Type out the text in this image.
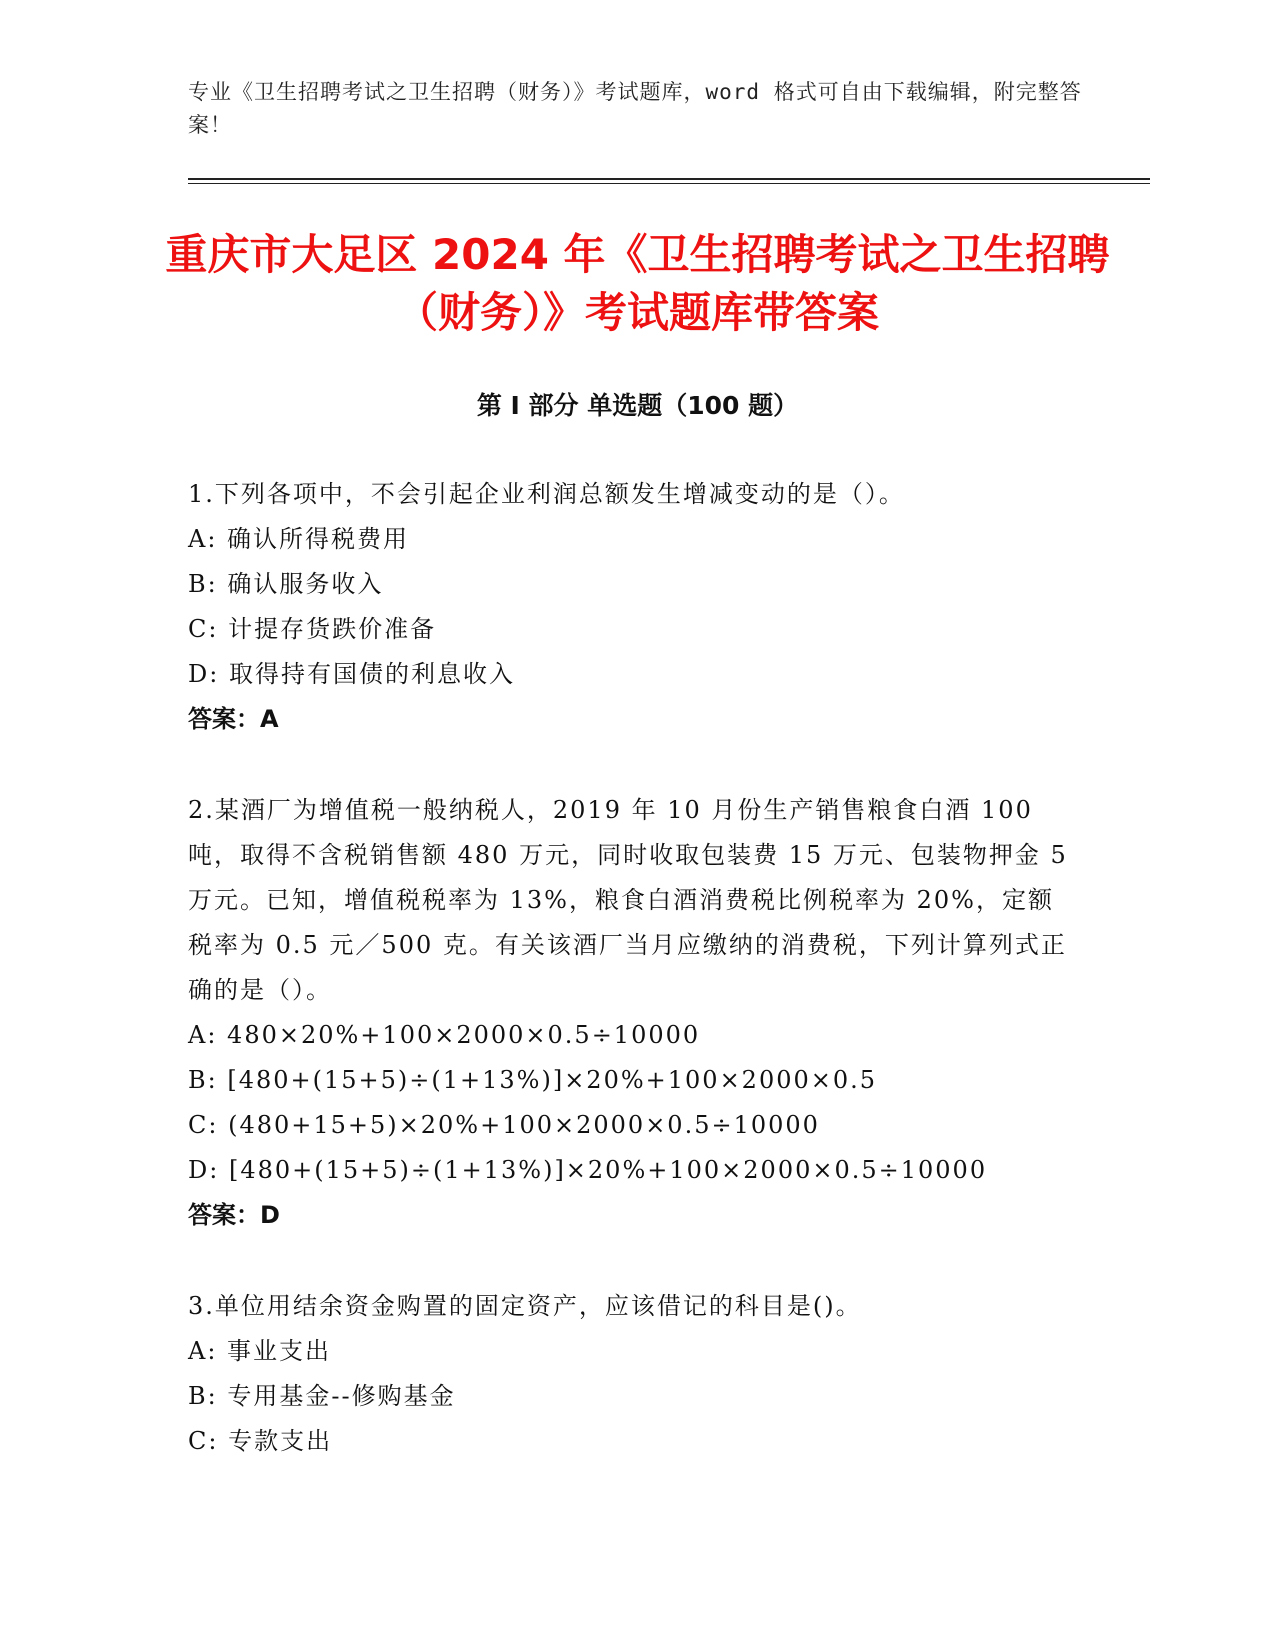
专业《卫生招聘考试之卫生招聘（财务）》考试题库，word 格式可自由下载编辑，附完整答案！
重庆市大足区 2024 年《卫生招聘考试之卫生招聘（财务）》考试题库带答案
第 I 部分 单选题（100 题）
1.下列各项中，不会引起企业利润总额发生增减变动的是（）。
A: 确认所得税费用
B: 确认服务收入
C: 计提存货跌价准备
D: 取得持有国债的利息收入
答案：A
2.某酒厂为增值税一般纳税人，2019 年 10 月份生产销售粮食白酒 100 吨，取得不含税销售额 480 万元，同时收取包装费 15 万元、包装物押金 5 万元。已知，增值税税率为 13%，粮食白酒消费税比例税率为 20%，定额税率为 0.5 元／500 克。有关该酒厂当月应缴纳的消费税，下列计算列式正确的是（）。
A: 480×20%+100×2000×0.5÷10000
B: [480+(15+5)÷(1+13%)]×20%+100×2000×0.5
C: (480+15+5)×20%+100×2000×0.5÷10000
D: [480+(15+5)÷(1+13%)]×20%+100×2000×0.5÷10000
答案：D
3.单位用结余资金购置的固定资产，应该借记的科目是()。
A: 事业支出
B: 专用基金--修购基金
C: 专款支出
